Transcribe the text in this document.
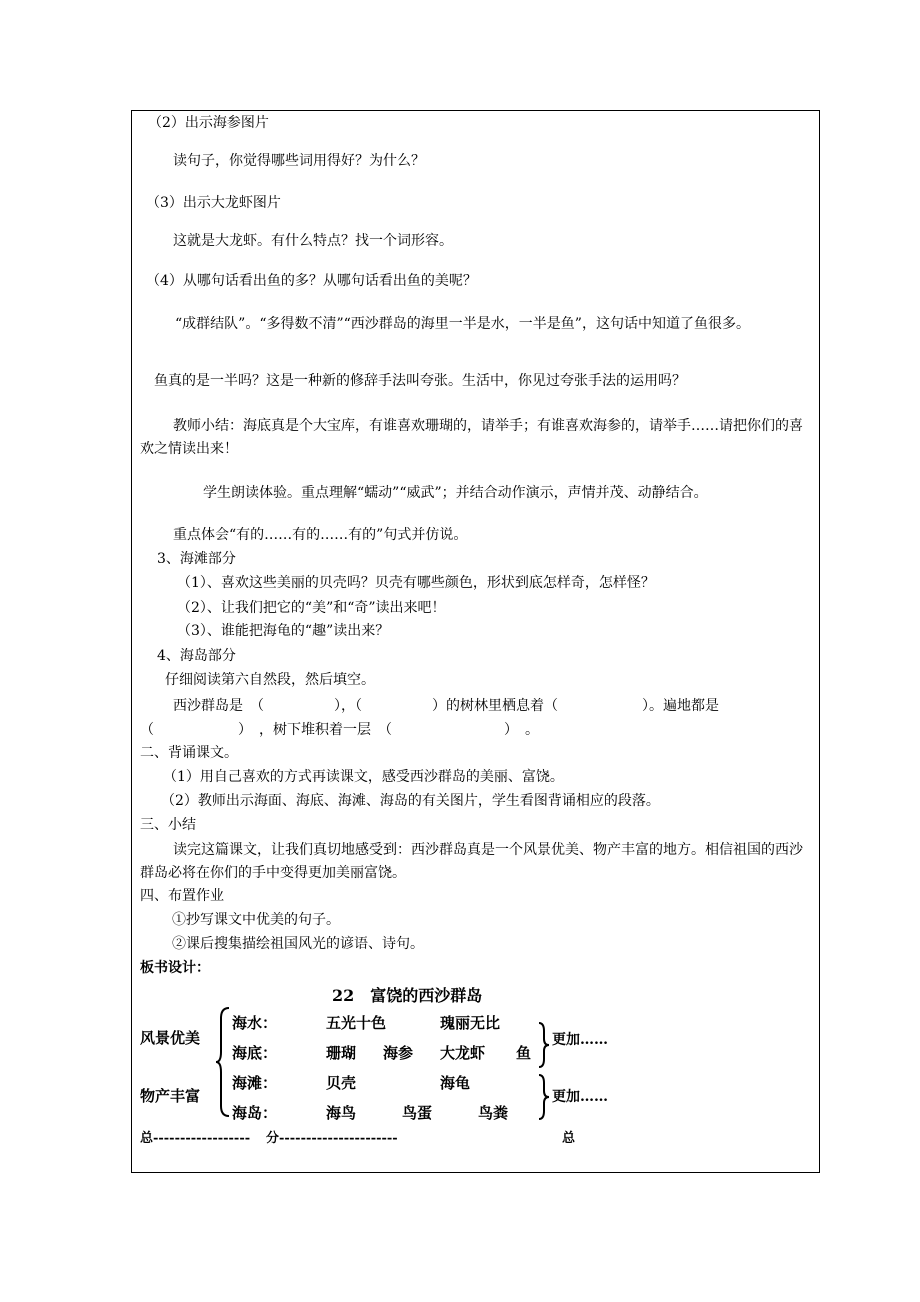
（2）出示海参图片
读句子，你觉得哪些词用得好？为什么？
（3）出示大龙虾图片
这就是大龙虾。有什么特点？找一个词形容。
（4）从哪句话看出鱼的多？从哪句话看出鱼的美呢？
“成群结队”。“多得数不清”“西沙群岛的海里一半是水，一半是鱼”，这句话中知道了鱼很多。
鱼真的是一半吗？这是一种新的修辞手法叫夸张。生活中，你见过夸张手法的运用吗？
教师小结：海底真是个大宝库，有谁喜欢珊瑚的，请举手；有谁喜欢海参的，请举手……请把你们的喜欢之情读出来！
学生朗读体验。重点理解“蠕动”“威武”；并结合动作演示，声情并茂、动静结合。
重点体会“有的……有的……有的”句式并仿说。
3、海滩部分
（1）、喜欢这些美丽的贝壳吗？贝壳有哪些颜色，形状到底怎样奇，怎样怪？
（2）、让我们把它的“美”和“奇”读出来吧！
（3）、谁能把海龟的“趣”读出来？
4、海岛部分
仔细阅读第六自然段，然后填空。
西沙群岛是　（　　　　　），（　　　　　）的树林里栖息着（　　　　　　）。遍地都是　（　　　　　　）　，树下堆积着一层　（　　　　　　　　）　。
二、背诵课文。
（1）用自己喜欢的方式再读课文，感受西沙群岛的美丽、富饶。
（2）教师出示海面、海底、海滩、海岛的有关图片，学生看图背诵相应的段落。
三、小结
读完这篇课文，让我们真切地感受到：西沙群岛真是一个风景优美、物产丰富的地方。相信祖国的西沙群岛必将在你们的手中变得更加美丽富饶。
四、布置作业
①抄写课文中优美的句子。
②课后搜集描绘祖国风光的谚语、诗句。
板书设计：
22　富饶的西沙群岛
风景优美
物产丰富
海水：	五光十色	瑰丽无比
海底：	珊瑚 海参 大龙虾 鱼
海滩：	贝壳	海龟
海岛：	海鸟	鸟蛋	鸟粪
更加……
更加……
总------------------ 分----------------------	总
